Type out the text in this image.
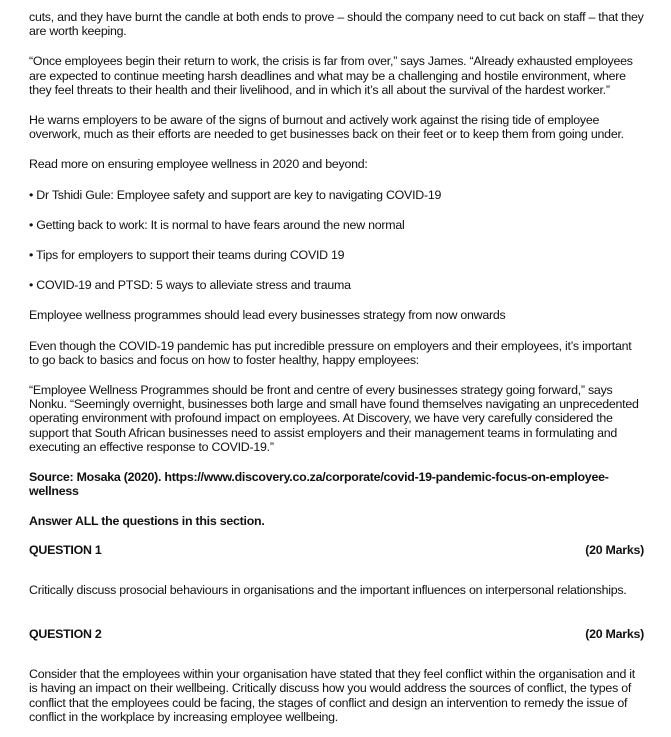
cuts, and they have burnt the candle at both ends to prove – should the company need to cut back on staff – that they are worth keeping.

“Once employees begin their return to work, the crisis is far from over,” says James. “Already exhausted employees are expected to continue meeting harsh deadlines and what may be a challenging and hostile environment, where they feel threats to their health and their livelihood, and in which it’s all about the survival of the hardest worker.”

He warns employers to be aware of the signs of burnout and actively work against the rising tide of employee overwork, much as their efforts are needed to get businesses back on their feet or to keep them from going under.

Read more on ensuring employee wellness in 2020 and beyond:

• Dr Tshidi Gule: Employee safety and support are key to navigating COVID-19

• Getting back to work: It is normal to have fears around the new normal

• Tips for employers to support their teams during COVID 19

• COVID-19 and PTSD: 5 ways to alleviate stress and trauma

Employee wellness programmes should lead every businesses strategy from now onwards

Even though the COVID-19 pandemic has put incredible pressure on employers and their employees, it’s important to go back to basics and focus on how to foster healthy, happy employees:

“Employee Wellness Programmes should be front and centre of every businesses strategy going forward,” says Nonku. “Seemingly overnight, businesses both large and small have found themselves navigating an unprecedented operating environment with profound impact on employees. At Discovery, we have very carefully considered the support that South African businesses need to assist employers and their management teams in formulating and executing an effective response to COVID-19.”

Source: Mosaka (2020). https://www.discovery.co.za/corporate/covid-19-pandemic-focus-on-employee-wellness

Answer ALL the questions in this section.

QUESTION 1	(20 Marks)

Critically discuss prosocial behaviours in organisations and the important influences on interpersonal relationships.

QUESTION 2	(20 Marks)

Consider that the employees within your organisation have stated that they feel conflict within the organisation and it is having an impact on their wellbeing. Critically discuss how you would address the sources of conflict, the types of conflict that the employees could be facing, the stages of conflict and design an intervention to remedy the issue of conflict in the workplace by increasing employee wellbeing.
